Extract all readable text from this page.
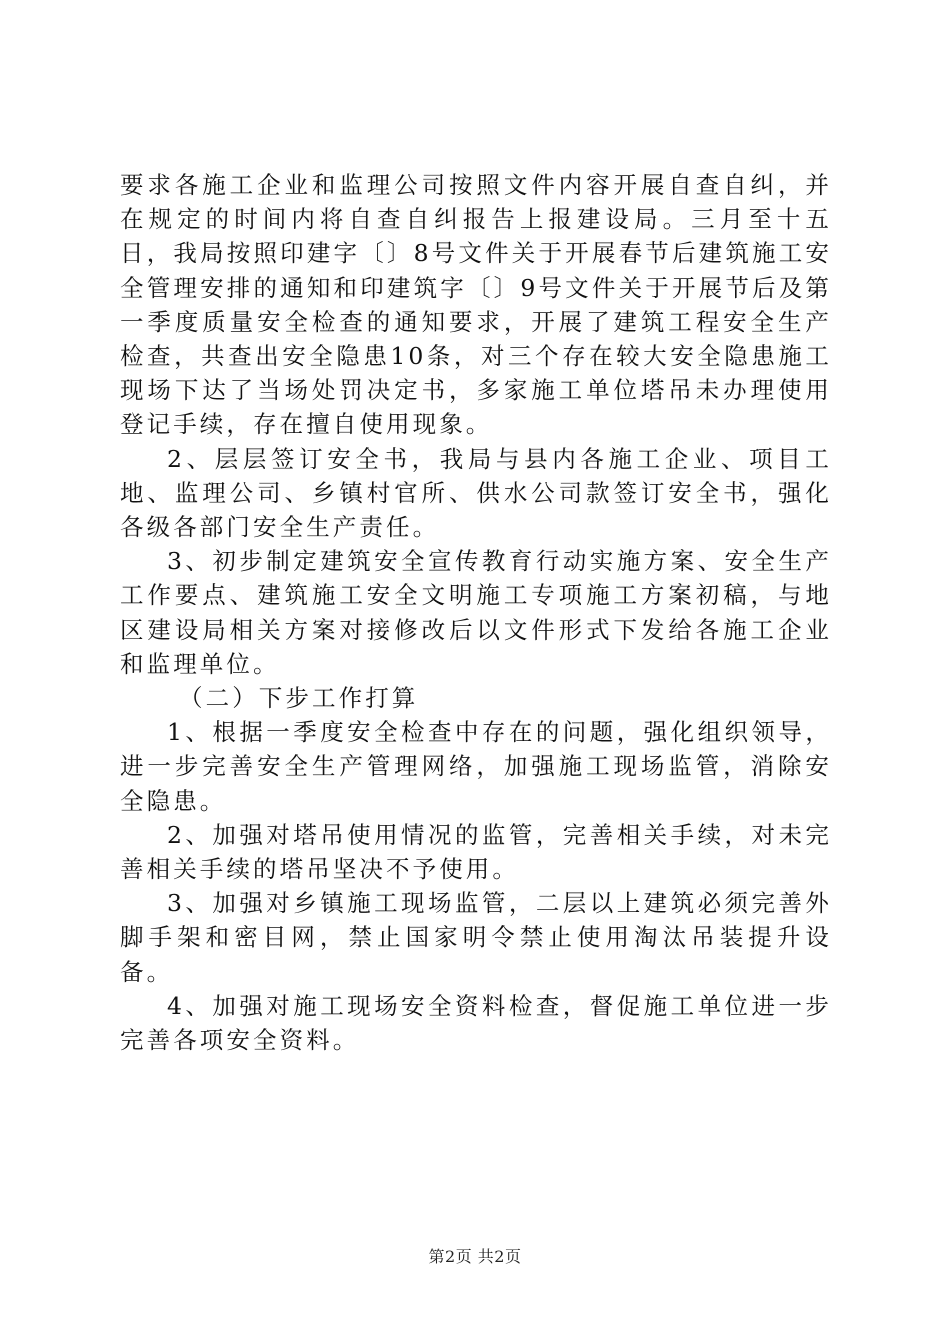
要求各施工企业和监理公司按照文件内容开展自查自纠，并在规定的时间内将自查自纠报告上报建设局。三月至十五日，我局按照印建字〔〕8号文件关于开展春节后建筑施工安全管理安排的通知和印建筑字〔〕9号文件关于开展节后及第一季度质量安全检查的通知要求，开展了建筑工程安全生产检查，共查出安全隐患10条，对三个存在较大安全隐患施工现场下达了当场处罚决定书，多家施工单位塔吊未办理使用登记手续，存在擅自使用现象。

2、层层签订安全书，我局与县内各施工企业、项目工地、监理公司、乡镇村官所、供水公司款签订安全书，强化各级各部门安全生产责任。

3、初步制定建筑安全宣传教育行动实施方案、安全生产工作要点、建筑施工安全文明施工专项施工方案初稿，与地区建设局相关方案对接修改后以文件形式下发给各施工企业和监理单位。

（二）下步工作打算

1、根据一季度安全检查中存在的问题，强化组织领导，进一步完善安全生产管理网络，加强施工现场监管，消除安全隐患。

2、加强对塔吊使用情况的监管，完善相关手续，对未完善相关手续的塔吊坚决不予使用。

3、加强对乡镇施工现场监管，二层以上建筑必须完善外脚手架和密目网，禁止国家明令禁止使用淘汰吊装提升设备。

4、加强对施工现场安全资料检查，督促施工单位进一步完善各项安全资料。

第2页 共2页
